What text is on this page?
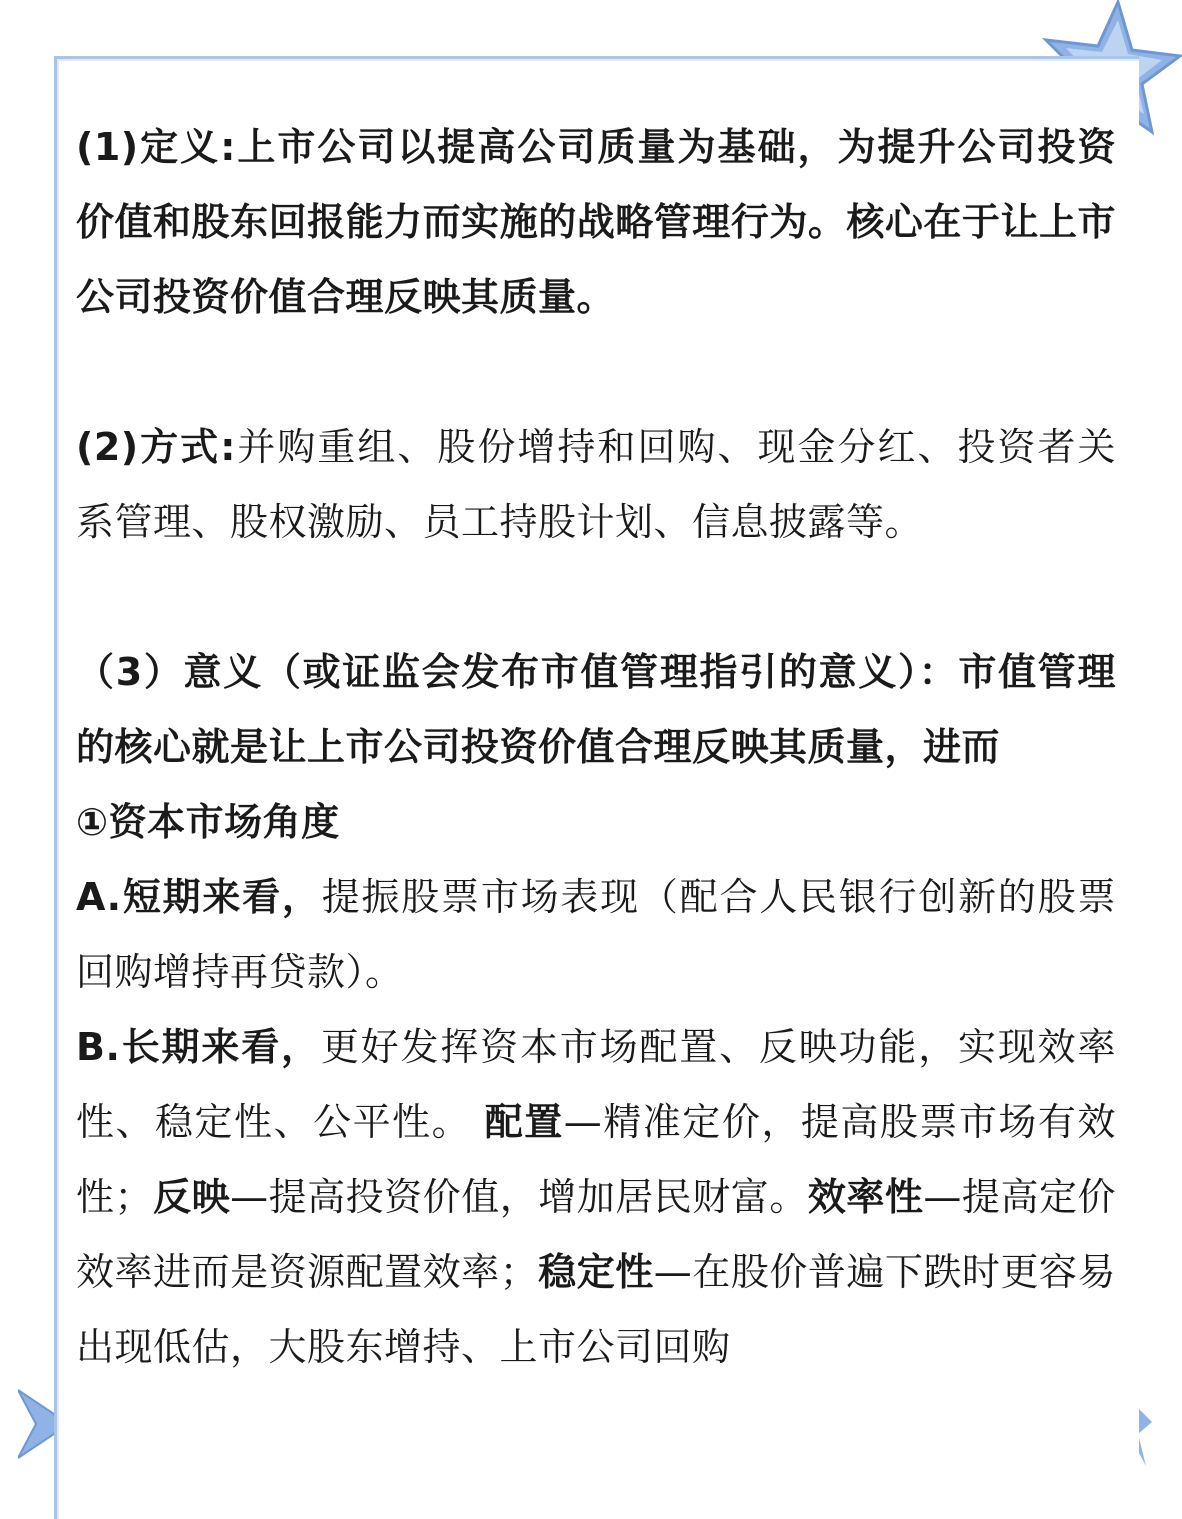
(1)定义:上市公司以提高公司质量为基础，为提升公司投资价值和股东回报能力而实施的战略管理行为。核心在于让上市公司投资价值合理反映其质量。

(2)方式:并购重组、股份增持和回购、现金分红、投资者关系管理、股权激励、员工持股计划、信息披露等。

（3）意义（或证监会发布市值管理指引的意义）：市值管理的核心就是让上市公司投资价值合理反映其质量，进而

①资本市场角度

A.短期来看，提振股票市场表现（配合人民银行创新的股票回购增持再贷款）。

B.长期来看，更好发挥资本市场配置、反映功能，实现效率性、稳定性、公平性。 配置—精准定价，提高股票市场有效性；反映—提高投资价值，增加居民财富。效率性—提高定价效率进而是资源配置效率；稳定性—在股价普遍下跌时更容易出现低估，大股东增持、上市公司回购
